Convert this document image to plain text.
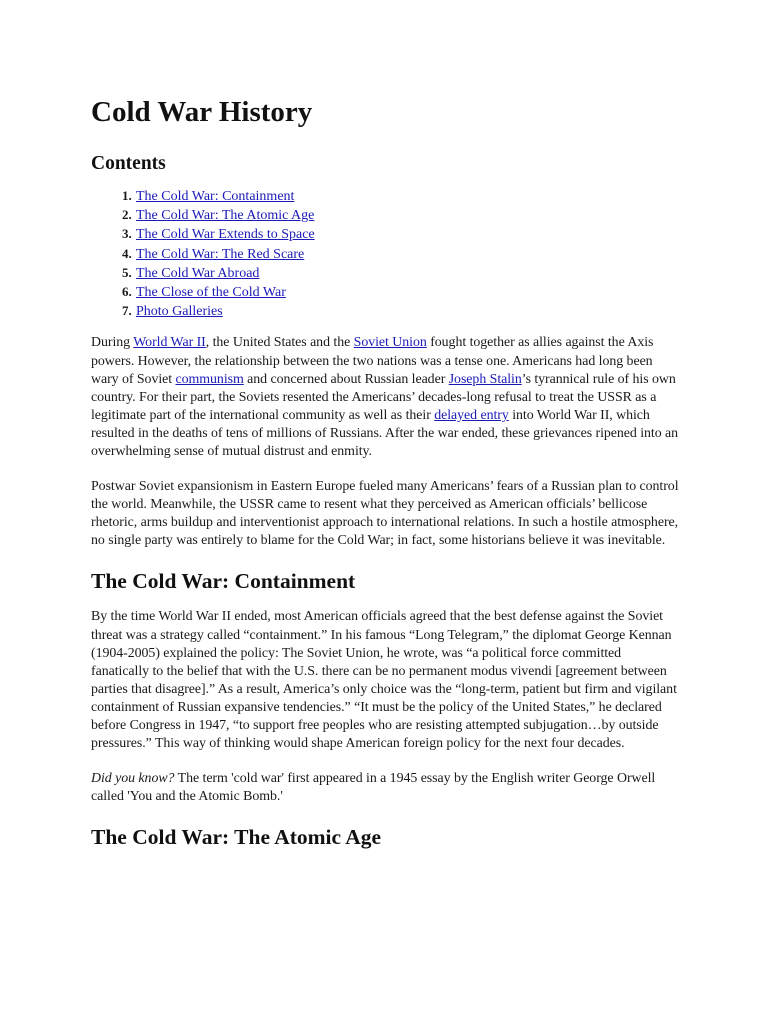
Cold War History
Contents
1. The Cold War: Containment
2. The Cold War: The Atomic Age
3. The Cold War Extends to Space
4. The Cold War: The Red Scare
5. The Cold War Abroad
6. The Close of the Cold War
7. Photo Galleries

During World War II, the United States and the Soviet Union fought together as allies against the Axis powers. However, the relationship between the two nations was a tense one. Americans had long been wary of Soviet communism and concerned about Russian leader Joseph Stalin’s tyrannical rule of his own country. For their part, the Soviets resented the Americans’ decades-long refusal to treat the USSR as a legitimate part of the international community as well as their delayed entry into World War II, which resulted in the deaths of tens of millions of Russians. After the war ended, these grievances ripened into an overwhelming sense of mutual distrust and enmity.

Postwar Soviet expansionism in Eastern Europe fueled many Americans’ fears of a Russian plan to control the world. Meanwhile, the USSR came to resent what they perceived as American officials’ bellicose rhetoric, arms buildup and interventionist approach to international relations. In such a hostile atmosphere, no single party was entirely to blame for the Cold War; in fact, some historians believe it was inevitable.

The Cold War: Containment

By the time World War II ended, most American officials agreed that the best defense against the Soviet threat was a strategy called “containment.” In his famous “Long Telegram,” the diplomat George Kennan (1904-2005) explained the policy: The Soviet Union, he wrote, was “a political force committed fanatically to the belief that with the U.S. there can be no permanent modus vivendi [agreement between parties that disagree].” As a result, America’s only choice was the “long-term, patient but firm and vigilant containment of Russian expansive tendencies.” “It must be the policy of the United States,” he declared before Congress in 1947, “to support free peoples who are resisting attempted subjugation…by outside pressures.” This way of thinking would shape American foreign policy for the next four decades.

Did you know? The term 'cold war' first appeared in a 1945 essay by the English writer George Orwell called 'You and the Atomic Bomb.'

The Cold War: The Atomic Age
